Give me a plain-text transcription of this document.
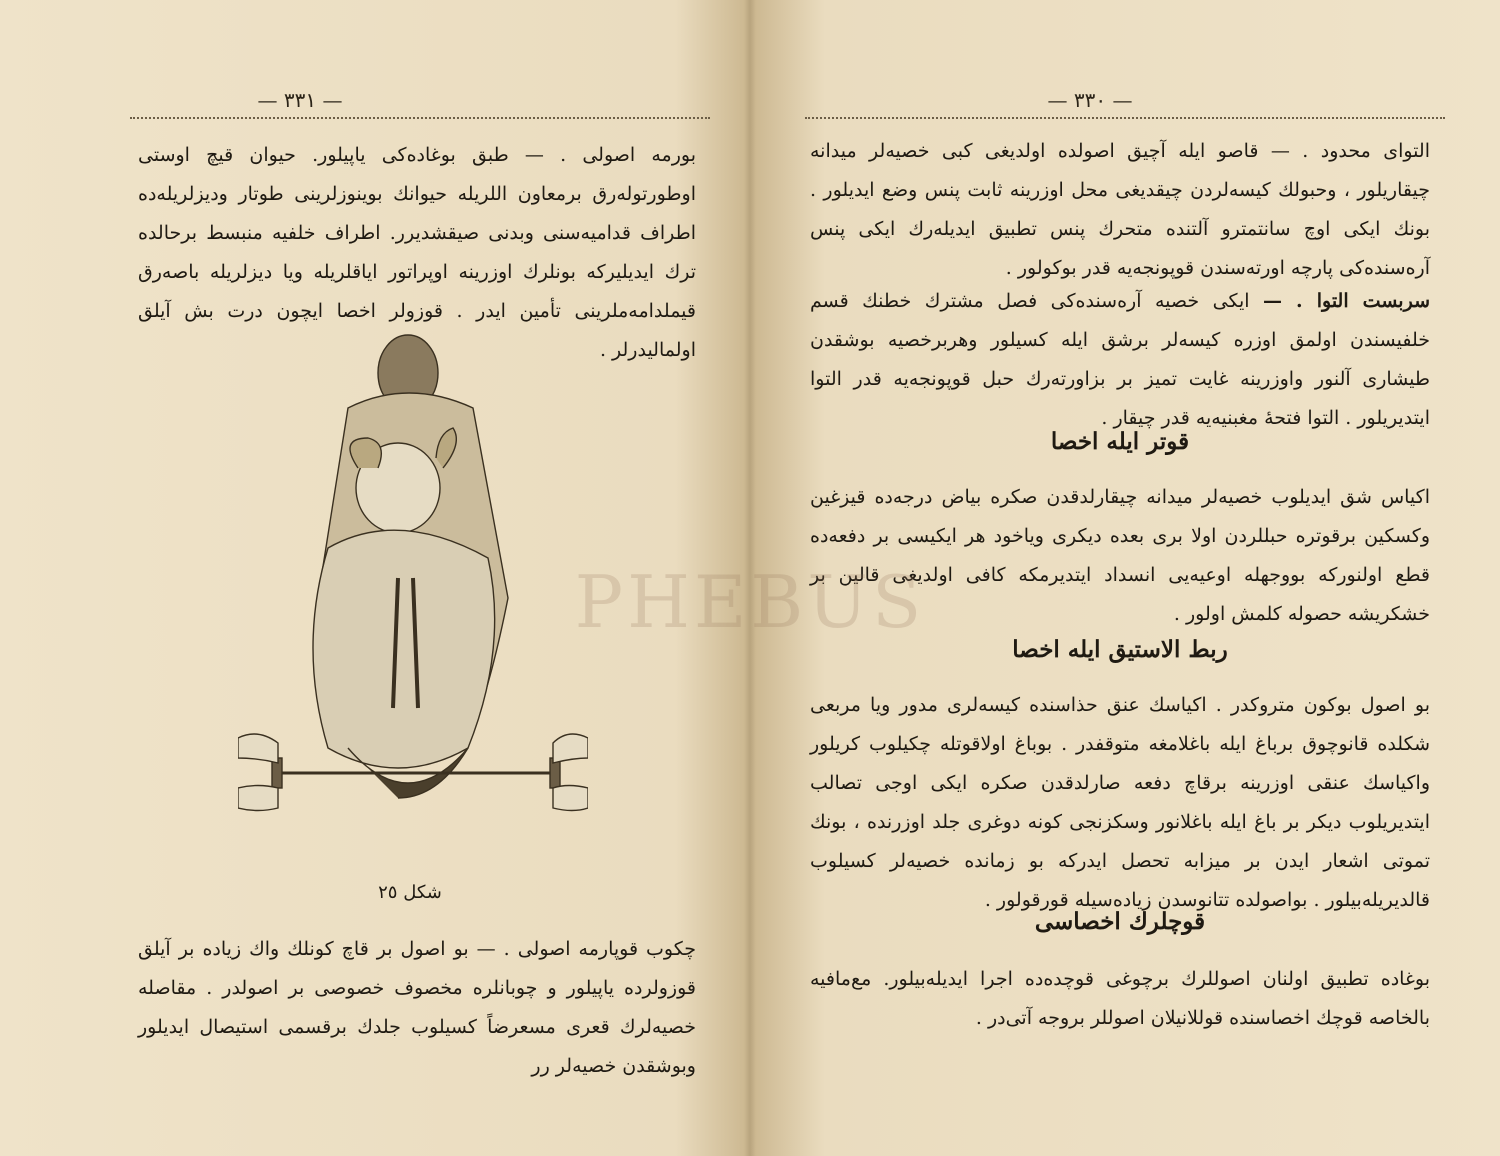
— ٣٣١ —
بورمه اصولی . — طبق بوغاده‌کی یاپیلور. حیوان قیچ اوستی اوطورتوله‌رق برمعاون اللریله حیوانك بوینوزلرینی طوتار ودیزلریله‌ده اطراف قدامیه‌سنی وبدنی صیقشدیرر. اطراف خلفیه منبسط برحالده ترك ایدیلیرکه بونلرك اوزرینه اوپراتور ایاقلریله ویا دیزلریله باصه‌رق قیملدامه‌ملرینی تأمین ایدر . قوزولر اخصا ایچون درت بش آیلق اولمالیدرلر .
شکل ٢٥
چکوب قوپارمه اصولی . — بو اصول بر قاچ کونلك واك زیاده بر آیلق قوزولرده یاپیلور و چوبانلره مخصوف خصوصی بر اصولدر . مقاصله خصیه‌لرك قعری مسعرضاً کسیلوب جلدك برقسمی استیصال ایدیلور وبوشقدن خصیه‌لر رر
— ٣٣٠ —
التوای محدود . — قاصو ایله آچیق اصولده اولدیغی کبی خصیه‌لر میدانه چیقاریلور ، وحبولك کیسه‌لردن چیقدیغی محل اوزرینه ثابت پنس وضع ایدیلور . بونك ایکی اوچ سانتمترو آلتنده متحرك پنس تطبیق ایدیله‌رك ایکی پنس آره‌سنده‌کی پارچه اورته‌سندن قوپونجه‌یه قدر بوکولور .
سربست التوا . — ایکی خصیه آره‌سنده‌کی فصل مشترك خطنك قسم خلفیسندن اولمق اوزره کیسه‌لر برشق ایله کسیلور وهربرخصیه بوشقدن طیشاری آلنور واوزرینه غایت تمیز بر بزاورته‌رك حبل قوپونجه‌یه قدر التوا ایتدیریلور . التوا فتحهٔ مغبنیه‌یه قدر چیقار .
قوتر ایله اخصا
اکیاس شق ایدیلوب خصیه‌لر میدانه چیقارلدقدن صکره بیاض درجه‌ده قیزغین وکسکین برقوتره حبللردن اولا بری بعده دیکری ویاخود هر ایکیسی بر دفعه‌ده قطع اولنورکه بووجهله اوعیه‌یی انسداد ایتدیرمکه کافی اولدیغی قالین بر خشکریشه حصوله کلمش اولور .
ربط الاستیق ایله اخصا
بو اصول بوکون متروکدر . اکیاسك عنق حذاسنده کیسه‌لری مدور ویا مربعی شکلده قانوچوق برباغ ایله باغلامغه متوقفدر . بوباغ اولاقوتله چکیلوب کریلور واکیاسك عنقی اوزرینه برقاچ دفعه صارلدقدن صکره ایکی اوجی تصالب ایتدیریلوب دیکر بر باغ ایله باغلانور وسکزنجی کونه دوغری جلد اوزرنده ، بونك تموتی اشعار ایدن بر میزابه تحصل ایدرکه بو زمانده خصیه‌لر کسیلوب قالدیریله‌بیلور . بواصولده تتانوسدن زیاده‌سیله قورقولور .
قوچلرك اخصاسی
بوغاده تطبیق اولنان اصوللرك برچوغی قوچده‌ده اجرا ایدیله‌بیلور. مع‌مافیه بالخاصه قوچك اخصاسنده قوللانیلان اصوللر بروجه آتی‌در .
PHEBUS
